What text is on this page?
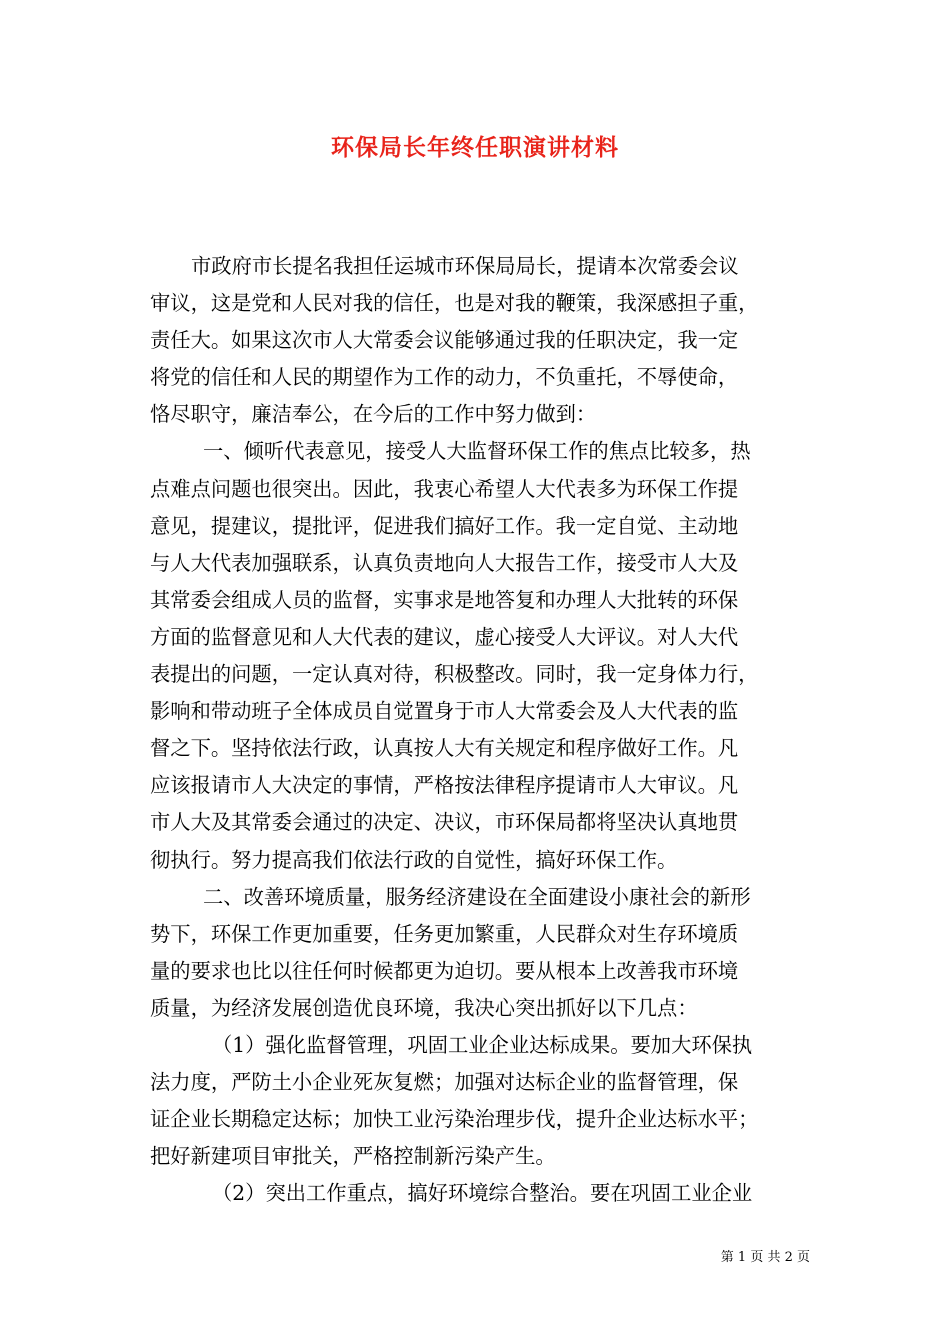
环保局长年终任职演讲材料
市政府市长提名我担任运城市环保局局长，提请本次常委会议
审议，这是党和人民对我的信任，也是对我的鞭策，我深感担子重，
责任大。如果这次市人大常委会议能够通过我的任职决定，我一定
将党的信任和人民的期望作为工作的动力，不负重托，不辱使命，
恪尽职守，廉洁奉公，在今后的工作中努力做到：
一、倾听代表意见，接受人大监督环保工作的焦点比较多，热
点难点问题也很突出。因此，我衷心希望人大代表多为环保工作提
意见，提建议，提批评，促进我们搞好工作。我一定自觉、主动地
与人大代表加强联系，认真负责地向人大报告工作，接受市人大及
其常委会组成人员的监督，实事求是地答复和办理人大批转的环保
方面的监督意见和人大代表的建议，虚心接受人大评议。对人大代
表提出的问题，一定认真对待，积极整改。同时，我一定身体力行，
影响和带动班子全体成员自觉置身于市人大常委会及人大代表的监
督之下。坚持依法行政，认真按人大有关规定和程序做好工作。凡
应该报请市人大决定的事情，严格按法律程序提请市人大审议。凡
市人大及其常委会通过的决定、决议，市环保局都将坚决认真地贯
彻执行。努力提高我们依法行政的自觉性，搞好环保工作。
二、改善环境质量，服务经济建设在全面建设小康社会的新形
势下，环保工作更加重要，任务更加繁重，人民群众对生存环境质
量的要求也比以往任何时候都更为迫切。要从根本上改善我市环境
质量，为经济发展创造优良环境，我决心突出抓好以下几点：
（1）强化监督管理，巩固工业企业达标成果。要加大环保执
法力度，严防土小企业死灰复燃；加强对达标企业的监督管理，保
证企业长期稳定达标；加快工业污染治理步伐，提升企业达标水平；
把好新建项目审批关，严格控制新污染产生。
（2）突出工作重点，搞好环境综合整治。要在巩固工业企业
第 1 页 共 2 页
